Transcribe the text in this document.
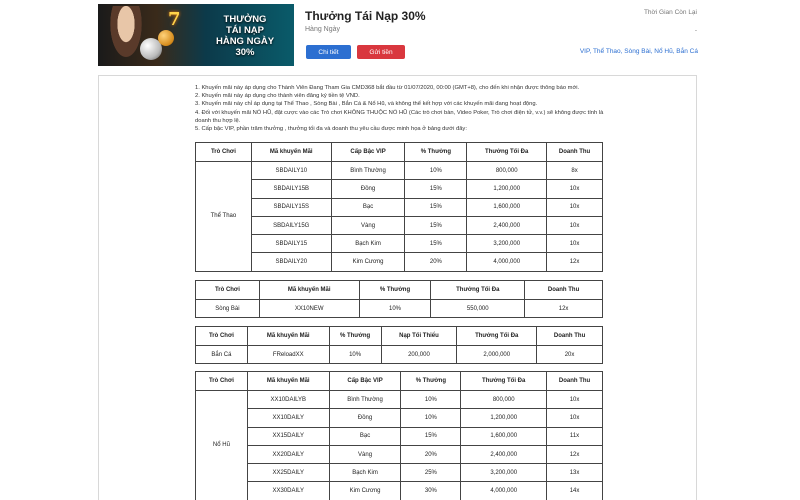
7	THƯỞNG
TÁI NẠP
HÀNG NGÀY
30%
Thưởng Tái Nạp 30%
Hàng Ngày
Chi tiết	Gửi tiền
Thời Gian Còn Lại
-
VIP, Thể Thao, Sòng Bài, Nổ Hũ, Bắn Cá

1. Khuyến mãi này áp dụng cho Thành Viên Đang Tham Gia CMD368 bắt đầu từ 01/07/2020, 00:00 (GMT+8), cho đến khi nhận được thông báo mới.

2. Khuyến mãi này áp dụng cho thành viên đăng ký tiền tệ VND.

3. Khuyến mãi này chỉ áp dụng tại Thể Thao , Sòng Bài , Bắn Cá & Nổ Hũ, và không thể kết hợp với các khuyến mãi đang hoạt động.

4. Đối với khuyến mãi NỔ HŨ, đặt cược vào các Trò chơi KHÔNG THUỘC NỔ HŨ (Các trò chơi bàn, Video Poker, Trò chơi điện tử, v.v.) sẽ không được tính là doanh thu hợp lệ.

5. Cấp bậc VIP, phần trăm thưởng , thưởng tối đa và doanh thu yêu cầu được minh họa ở bảng dưới đây:

Trò Chơi	Mã khuyến Mãi	Cấp Bậc VIP	% Thưởng	Thưởng Tối Đa	Doanh Thu
Thể Thao	SBDAILY10	Bình Thường	10%	800,000	8x
	SBDAILY15B	Đồng	15%	1,200,000	10x
	SBDAILY15S	Bạc	15%	1,600,000	10x
	SBDAILY15G	Vàng	15%	2,400,000	10x
	SBDAILY15	Bạch Kim	15%	3,200,000	10x
	SBDAILY20	Kim Cương	20%	4,000,000	12x
Trò Chơi	Mã khuyến Mãi	% Thưởng	Thưởng Tối Đa	Doanh Thu
Sòng Bài	XX10NEW	10%	550,000	12x
Trò Chơi	Mã khuyến Mãi	% Thưởng	Nạp Tối Thiểu	Thưởng Tối Đa	Doanh Thu
Bắn Cá	FReloadXX	10%	200,000	2,000,000	20x
Trò Chơi	Mã khuyến Mãi	Cấp Bậc VIP	% Thưởng	Thưởng Tối Đa	Doanh Thu
Nổ Hũ	XX10DAILYB	Bình Thường	10%	800,000	10x
	XX10DAILY	Đồng	10%	1,200,000	10x
	XX15DAILY	Bạc	15%	1,600,000	11x
	XX20DAILY	Vàng	20%	2,400,000	12x
	XX25DAILY	Bạch Kim	25%	3,200,000	13x
	XX30DAILY	Kim Cương	30%	4,000,000	14x
